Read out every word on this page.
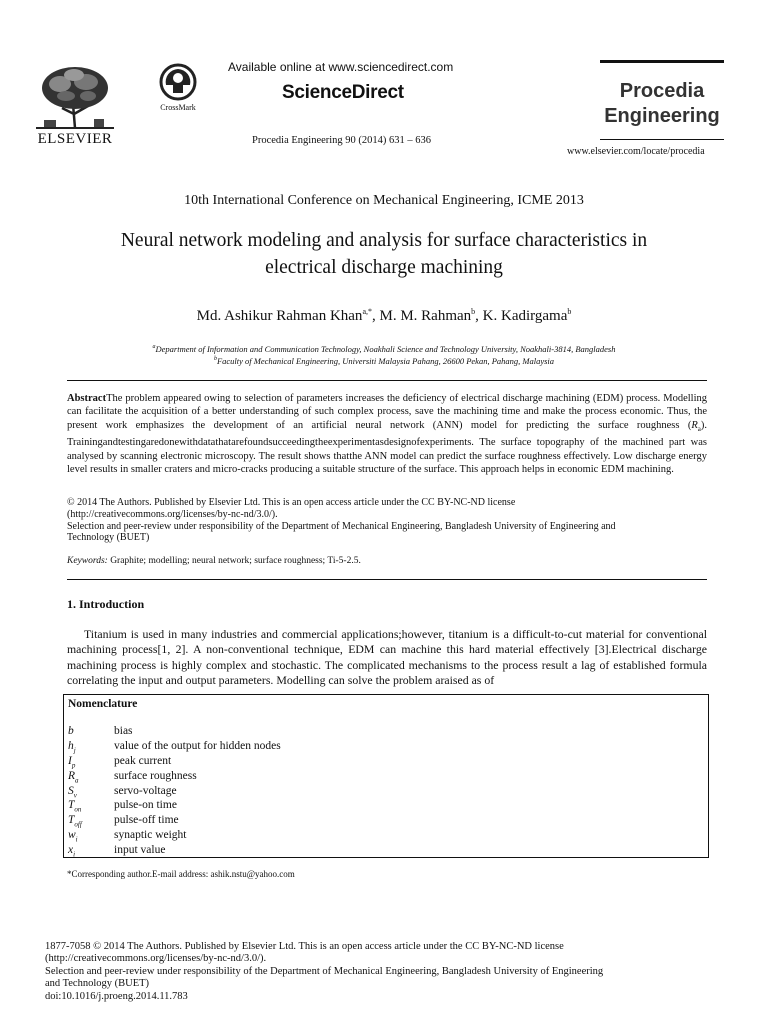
ELSEVIER
CrossMark
Available online at www.sciencedirect.com
ScienceDirect
Procedia Engineering 90 (2014) 631 – 636
Procedia
Engineering
www.elsevier.com/locate/procedia
10th International Conference on Mechanical Engineering, ICME 2013
Neural network modeling and analysis for surface characteristics in
electrical discharge machining
Md. Ashikur Rahman Khan$^{a,*}$, M. M. Rahman$^b$, K. Kadirgama$^b$
$^a$Department of Information and Communication Technology, Noakhali Science and Technology University, Noakhali-3814, Bangladesh
$^b$Faculty of Mechanical Engineering, Universiti Malaysia Pahang, 26600 Pekan, Pahang, Malaysia
AbstractThe problem appeared owing to selection of parameters increases the deficiency of electrical discharge machining (EDM) process. Modelling can facilitate the acquisition of a better understanding of such complex process, save the machining time and make the process economic. Thus, the present work emphasizes the development of an artificial neural network (ANN) model for predicting the surface roughness $(R_a)$. Trainingandtestingaredonewithdatathatarefoundsucceedingtheexperimentasdesignofexperiments. The surface topography of the machined part was analysed by scanning electronic microscopy. The result shows thatthe ANN model can predict the surface roughness effectively. Low discharge energy level results in smaller craters and micro-cracks producing a suitable structure of the surface. This approach helps in economic EDM machining.
© 2014 The Authors. Published by Elsevier Ltd. This is an open access article under the CC BY-NC-ND license
(http://creativecommons.org/licenses/by-nc-nd/3.0/).
Selection and peer-review under responsibility of the Department of Mechanical Engineering, Bangladesh University of Engineering and
Technology (BUET)
Keywords: Graphite; modelling; neural network; surface roughness; Ti-5-2.5.
1. Introduction
Titanium is used in many industries and commercial applications;however, titanium is a difficult-to-cut material for conventional machining process[1, 2]. A non-conventional technique, EDM can machine this hard material effectively [3].Electrical discharge machining process is highly complex and stochastic. The complicated mechanisms to the process result a lag of established formula correlating the input and output parameters. Modelling can solve the problem araised as of
Nomenclature
b	bias
$h_j$	value of the output for hidden nodes
$I_p$	peak current
$R_a$	surface roughness
$S_v$	servo-voltage
$T_{on}$	pulse-on time
$T_{off}$	pulse-off time
$w_i$	synaptic weight
$x_i$	input value
*Corresponding author.E-mail address: ashik.nstu@yahoo.com
1877-7058 © 2014 The Authors. Published by Elsevier Ltd. This is an open access article under the CC BY-NC-ND license
(http://creativecommons.org/licenses/by-nc-nd/3.0/).
Selection and peer-review under responsibility of the Department of Mechanical Engineering, Bangladesh University of Engineering
and Technology (BUET)
doi:10.1016/j.proeng.2014.11.783
